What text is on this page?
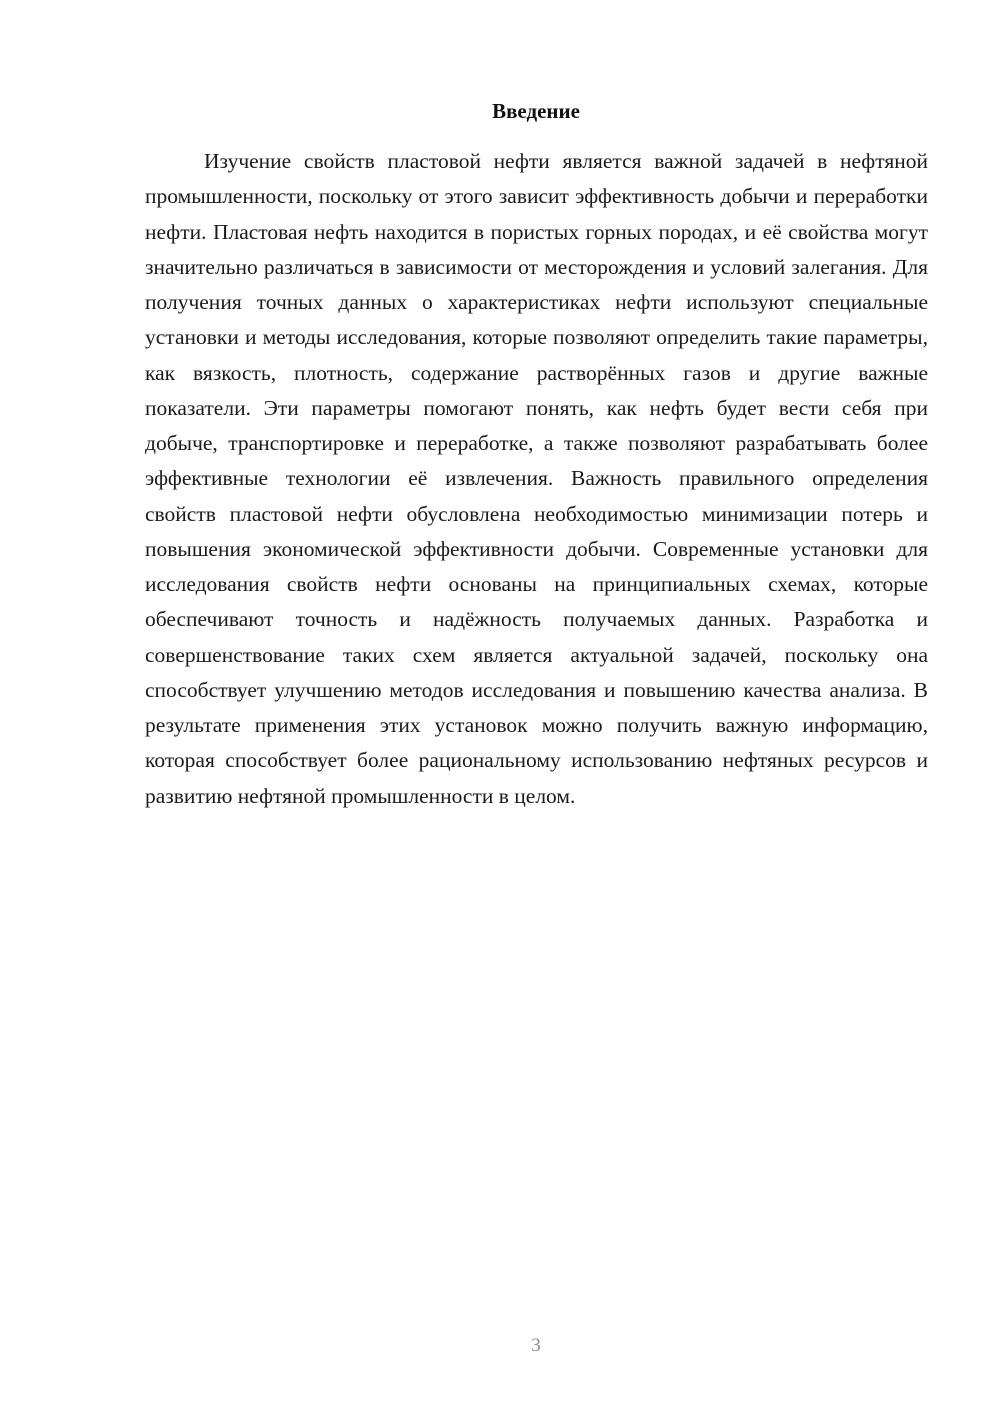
Введение

Изучение свойств пластовой нефти является важной задачей в нефтяной промышленности, поскольку от этого зависит эффективность добычи и переработки нефти. Пластовая нефть находится в пористых горных породах, и её свойства могут значительно различаться в зависимости от месторождения и условий залегания. Для получения точных данных о характеристиках нефти используют специальные установки и методы исследования, которые позволяют определить такие параметры, как вязкость, плотность, содержание растворённых газов и другие важные показатели. Эти параметры помогают понять, как нефть будет вести себя при добыче, транспортировке и переработке, а также позволяют разрабатывать более эффективные технологии её извлечения. Важность правильного определения свойств пластовой нефти обусловлена необходимостью минимизации потерь и повышения экономической эффективности добычи. Современные установки для исследования свойств нефти основаны на принципиальных схемах, которые обеспечивают точность и надёжность получаемых данных. Разработка и совершенствование таких схем является актуальной задачей, поскольку она способствует улучшению методов исследования и повышению качества анализа. В результате применения этих установок можно получить важную информацию, которая способствует более рациональному использованию нефтяных ресурсов и развитию нефтяной промышленности в целом.

3
